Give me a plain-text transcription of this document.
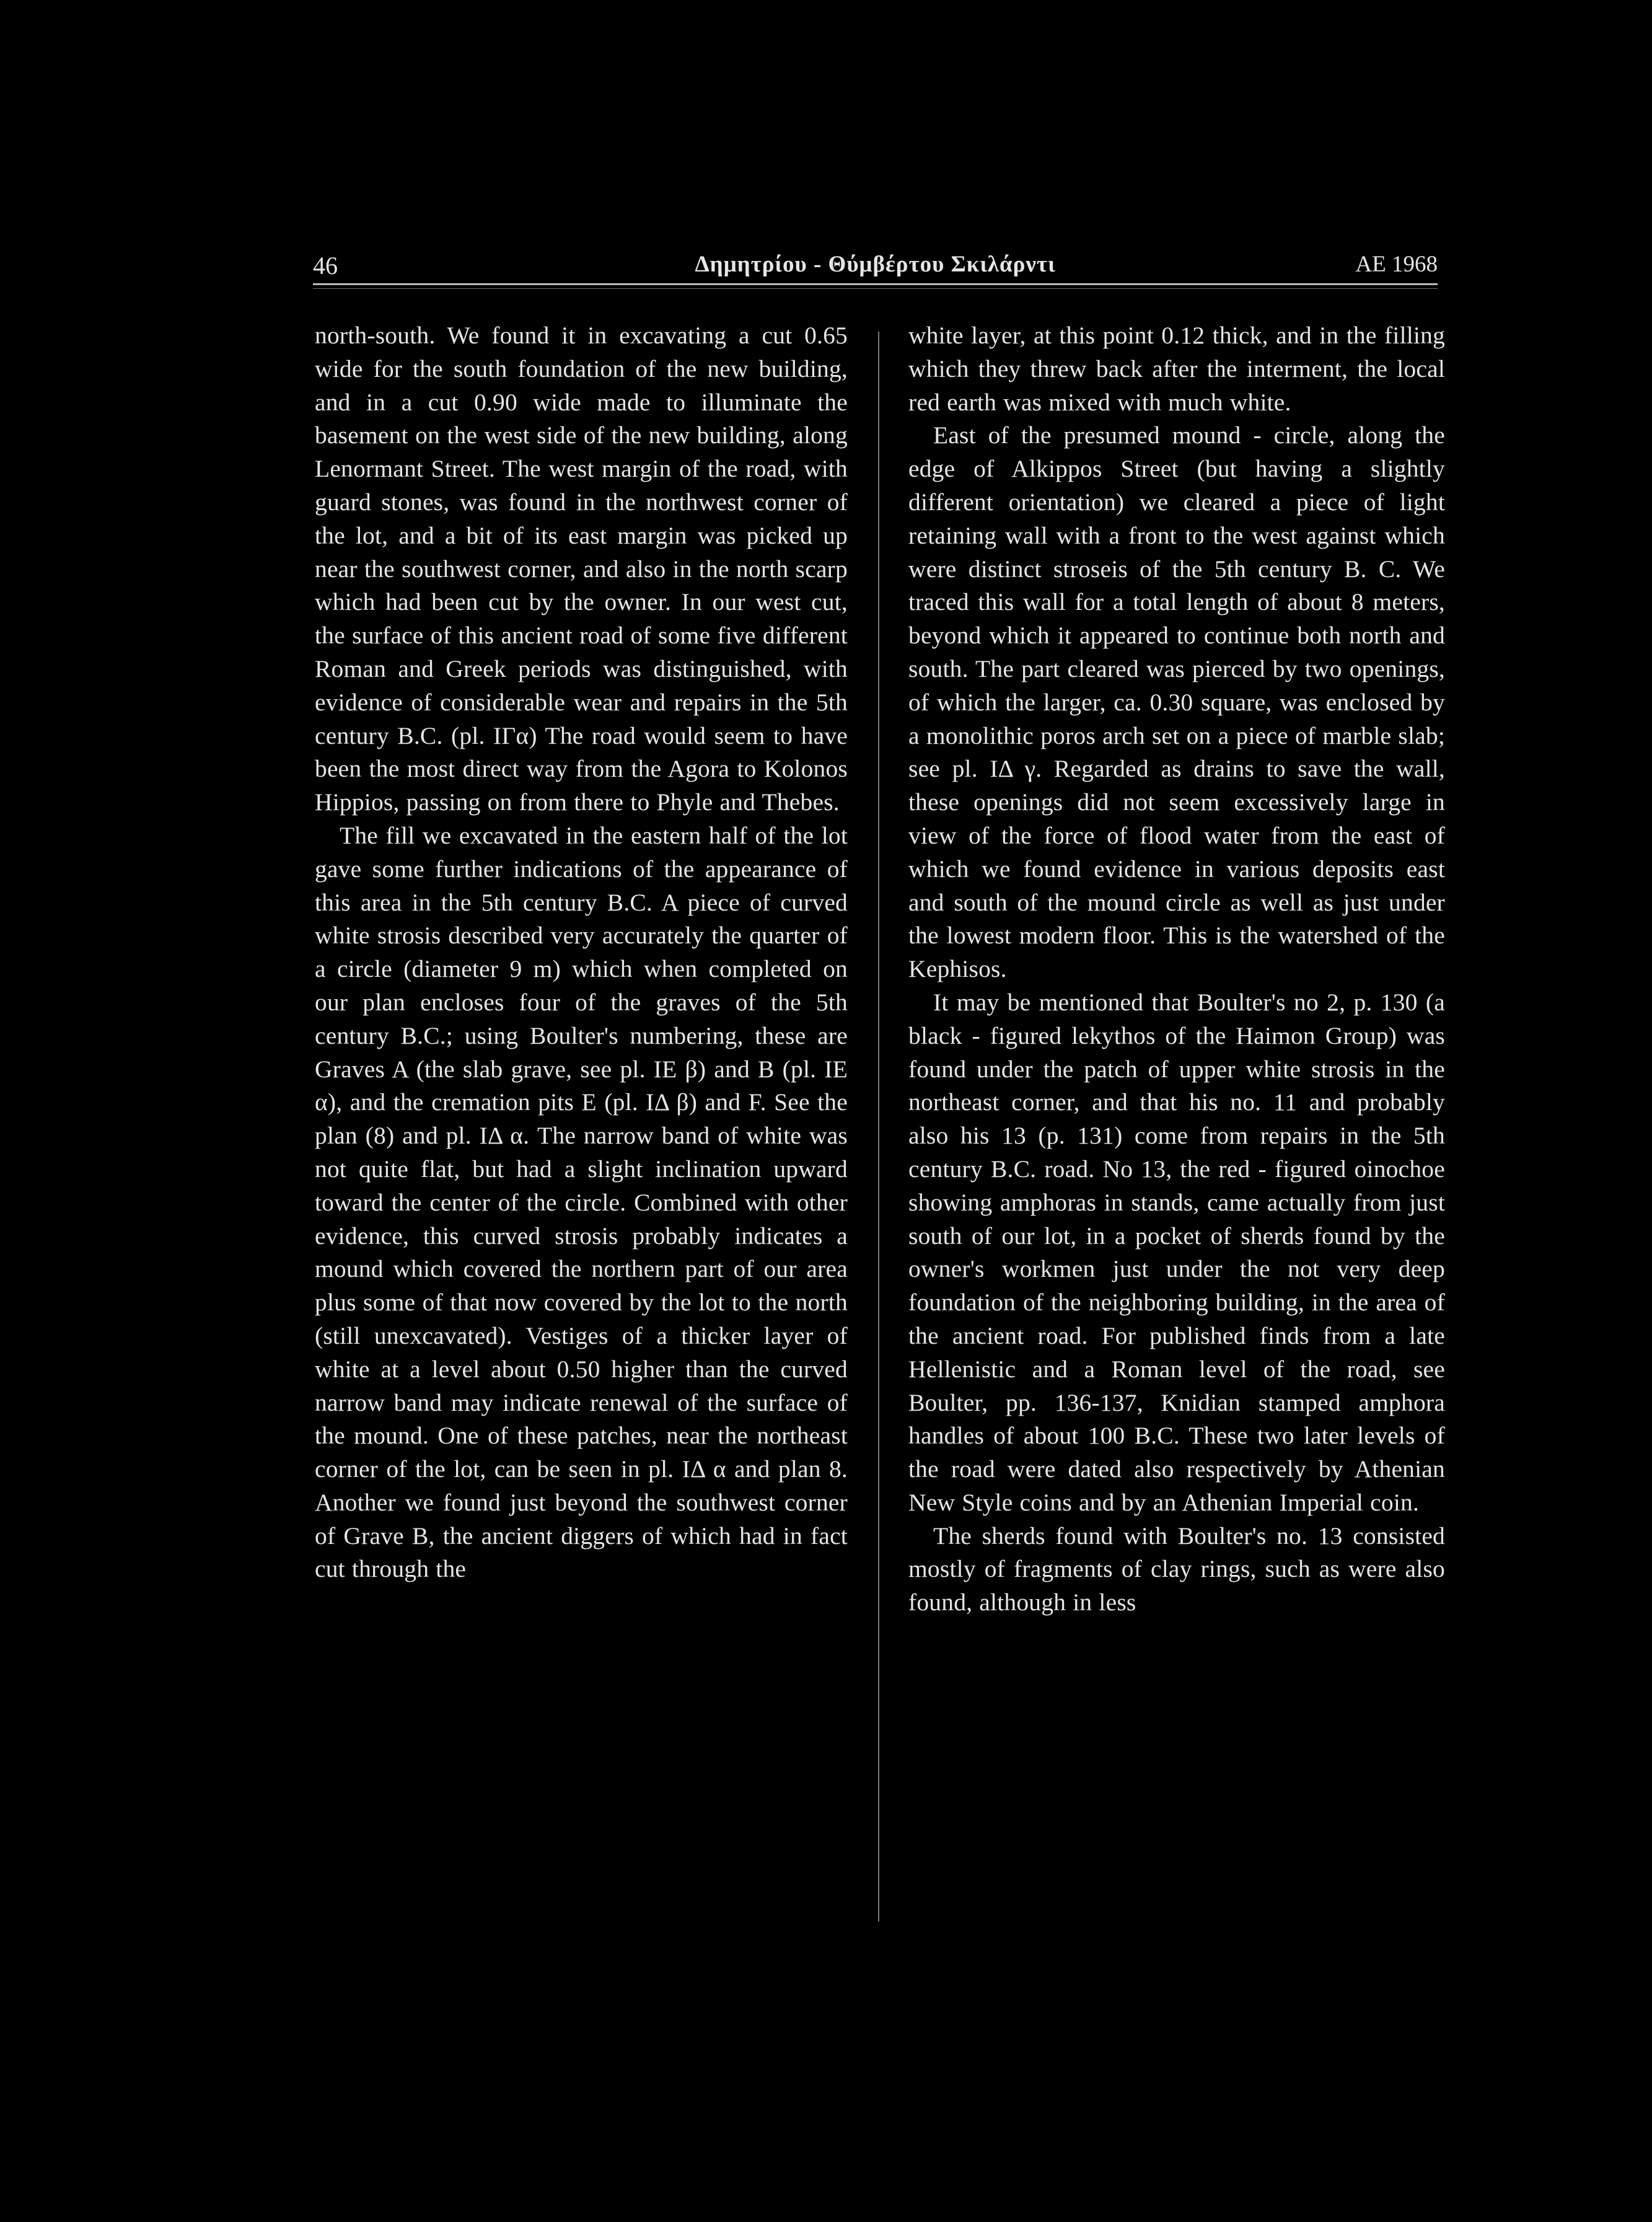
46	Δημητρίου - Θύμβέρτου Σκιλάρντι	ΑΕ 1968

north-south. We found it in excavating a cut 0.65 wide for the south foundation of the new building, and in a cut 0.90 wide made to illuminate the basement on the west side of the new building, along Lenormant Street. The west margin of the road, with guard stones, was found in the northwest corner of the lot, and a bit of its east margin was picked up near the southwest corner, and also in the north scarp which had been cut by the owner. In our west cut, the surface of this ancient road of some five different Roman and Greek periods was distinguished, with evidence of considerable wear and repairs in the 5th century B.C. (pl. ΙΓα) The road would seem to have been the most direct way from the Agora to Kolonos Hippios, passing on from there to Phyle and Thebes.

The fill we excavated in the eastern half of the lot gave some further indications of the appearance of this area in the 5th century B.C. A piece of curved white strosis described very accurately the quarter of a circle (diameter 9 m) which when completed on our plan encloses four of the graves of the 5th century B.C.; using Boulter's numbering, these are Graves A (the slab grave, see pl. ΙΕ β) and B (pl. ΙΕ α), and the cremation pits E (pl. ΙΔ β) and F. See the plan (8) and pl. ΙΔ α. The narrow band of white was not quite flat, but had a slight inclination upward toward the center of the circle. Combined with other evidence, this curved strosis probably indicates a mound which covered the northern part of our area plus some of that now covered by the lot to the north (still unexcavated). Vestiges of a thicker layer of white at a level about 0.50 higher than the curved narrow band may indicate renewal of the surface of the mound. One of these patches, near the northeast corner of the lot, can be seen in pl. ΙΔ α and plan 8. Another we found just beyond the southwest corner of Grave B, the ancient diggers of which had in fact cut through the

white layer, at this point 0.12 thick, and in the filling which they threw back after the interment, the local red earth was mixed with much white.

East of the presumed mound - circle, along the edge of Alkippos Street (but having a slightly different orientation) we cleared a piece of light retaining wall with a front to the west against which were distinct stroseis of the 5th century B. C. We traced this wall for a total length of about 8 meters, beyond which it appeared to continue both north and south. The part cleared was pierced by two openings, of which the larger, ca. 0.30 square, was enclosed by a monolithic poros arch set on a piece of marble slab; see pl. ΙΔ γ. Regarded as drains to save the wall, these openings did not seem excessively large in view of the force of flood water from the east of which we found evidence in various deposits east and south of the mound circle as well as just under the lowest modern floor. This is the watershed of the Kephisos.

It may be mentioned that Boulter's no 2, p. 130 (a black - figured lekythos of the Haimon Group) was found under the patch of upper white strosis in the northeast corner, and that his no. 11 and probably also his 13 (p. 131) come from repairs in the 5th century B.C. road. No 13, the red - figured oinochoe showing amphoras in stands, came actually from just south of our lot, in a pocket of sherds found by the owner's workmen just under the not very deep foundation of the neighboring building, in the area of the ancient road. For published finds from a late Hellenistic and a Roman level of the road, see Boulter, pp. 136-137, Knidian stamped amphora handles of about 100 B.C. These two later levels of the road were dated also respectively by Athenian New Style coins and by an Athenian Imperial coin.

The sherds found with Boulter's no. 13 consisted mostly of fragments of clay rings, such as were also found, although in less
